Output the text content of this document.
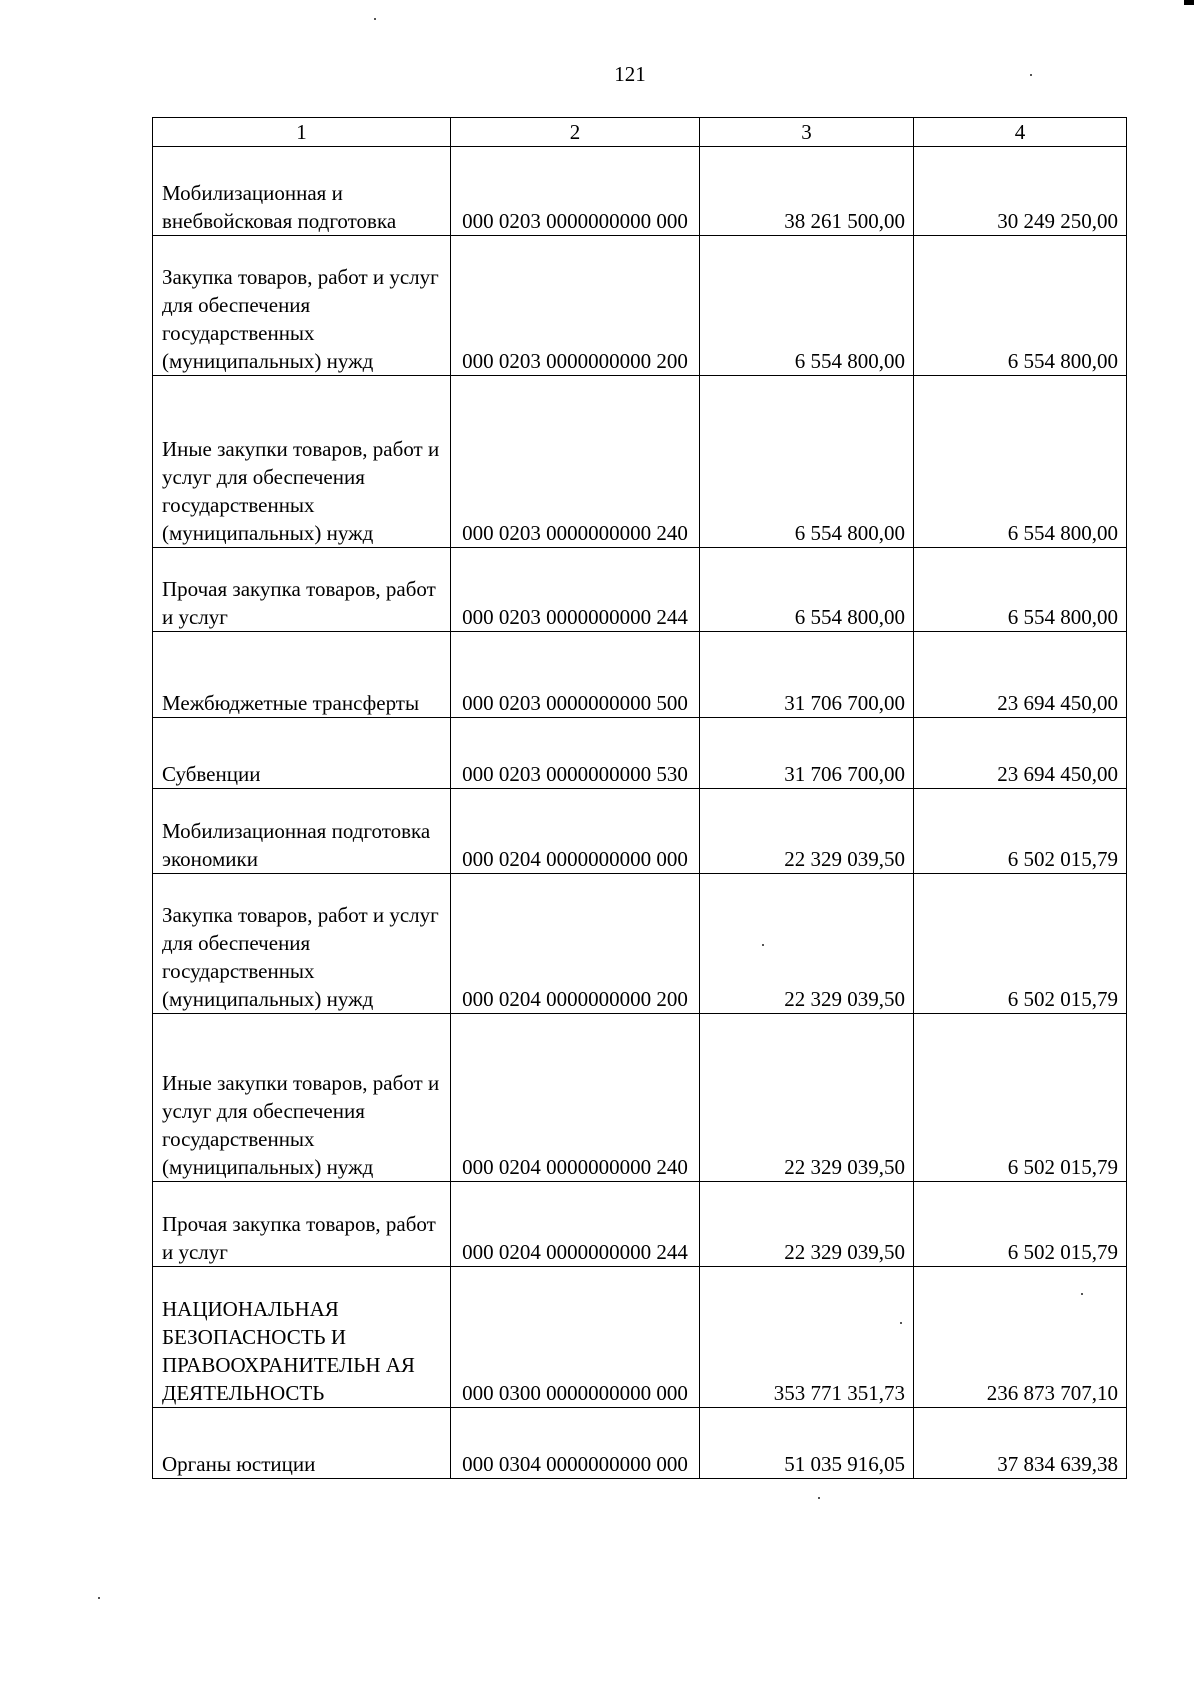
121
1	2	3	4
Мобилизационная и внебвойсковая подготовка	000 0203 0000000000 000	38 261 500,00	30 249 250,00
Закупка товаров, работ и услуг для обеспечения государственных (муниципальных) нужд	000 0203 0000000000 200	6 554 800,00	6 554 800,00
Иные закупки товаров, работ и услуг для обеспечения государственных (муниципальных) нужд	000 0203 0000000000 240	6 554 800,00	6 554 800,00
Прочая закупка товаров, работ и услуг	000 0203 0000000000 244	6 554 800,00	6 554 800,00
Межбюджетные трансферты	000 0203 0000000000 500	31 706 700,00	23 694 450,00
Субвенции	000 0203 0000000000 530	31 706 700,00	23 694 450,00
Мобилизационная подготовка экономики	000 0204 0000000000 000	22 329 039,50	6 502 015,79
Закупка товаров, работ и услуг для обеспечения государственных (муниципальных) нужд	000 0204 0000000000 200	22 329 039,50	6 502 015,79
Иные закупки товаров, работ и услуг для обеспечения государственных (муниципальных) нужд	000 0204 0000000000 240	22 329 039,50	6 502 015,79
Прочая закупка товаров, работ и услуг	000 0204 0000000000 244	22 329 039,50	6 502 015,79
НАЦИОНАЛЬНАЯ БЕЗОПАСНОСТЬ И ПРАВООХРАНИТЕЛЬН АЯ ДЕЯТЕЛЬНОСТЬ	000 0300 0000000000 000	353 771 351,73	236 873 707,10
Органы юстиции	000 0304 0000000000 000	51 035 916,05	37 834 639,38
